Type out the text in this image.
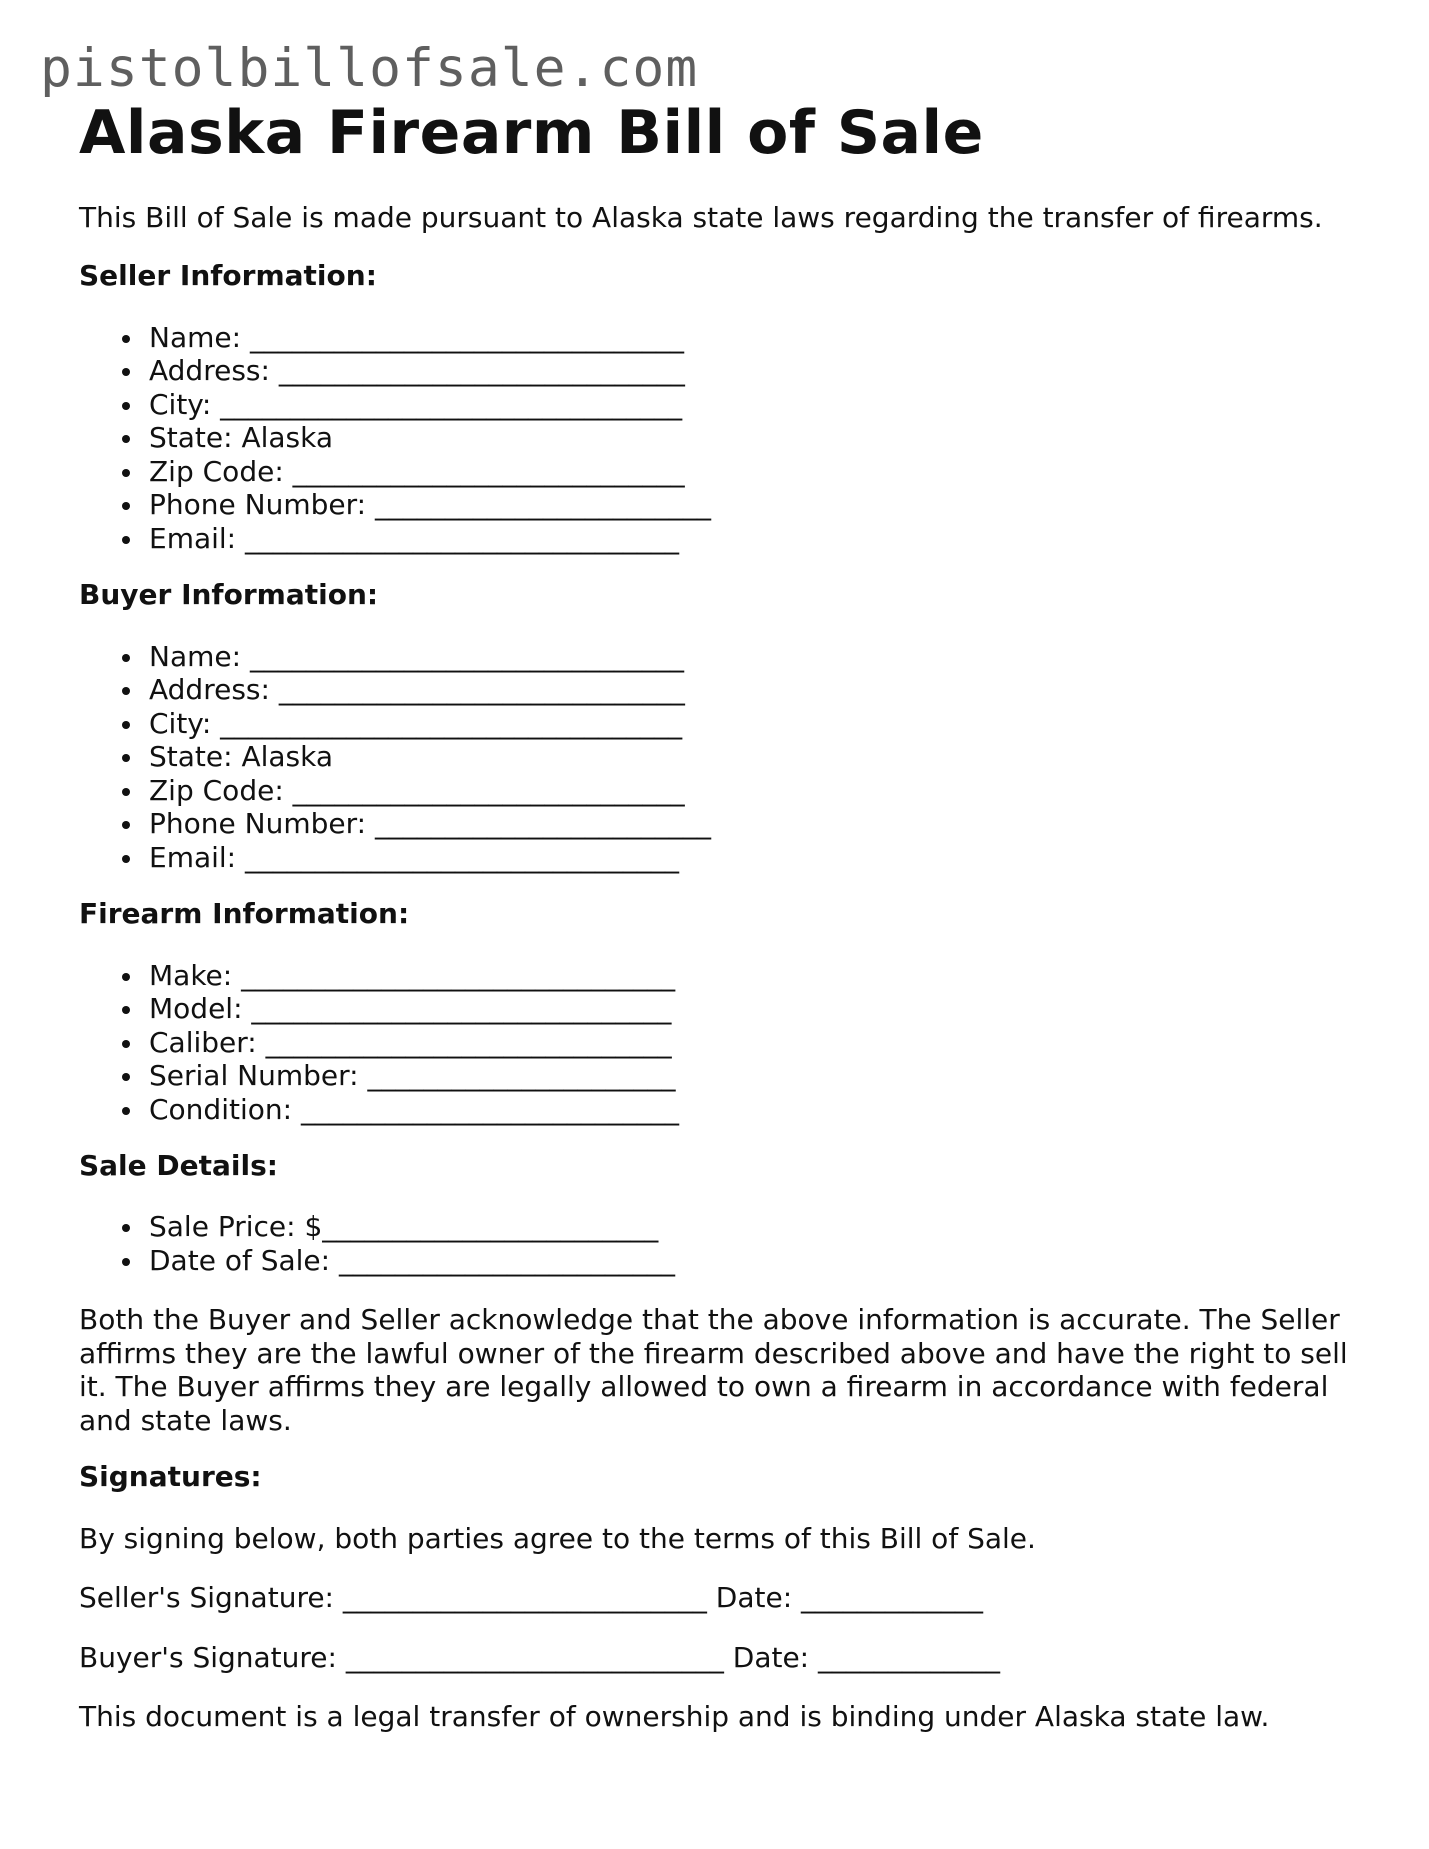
pistolbillofsale.com
Alaska Firearm Bill of Sale

This Bill of Sale is made pursuant to Alaska state laws regarding the transfer of firearms.

Seller Information:
Name: _______________________________
Address: _____________________________
City: _________________________________
State: Alaska
Zip Code: ____________________________
Phone Number: ________________________
Email: _______________________________
Buyer Information:
Name: _______________________________
Address: _____________________________
City: _________________________________
State: Alaska
Zip Code: ____________________________
Phone Number: ________________________
Email: _______________________________
Firearm Information:
Make: _______________________________
Model: ______________________________
Caliber: _____________________________
Serial Number: ______________________
Condition: ___________________________
Sale Details:
Sale Price: $________________________
Date of Sale: ________________________

Both the Buyer and Seller acknowledge that the above information is accurate. The Seller affirms they are the lawful owner of the firearm described above and have the right to sell it. The Buyer affirms they are legally allowed to own a firearm in accordance with federal and state laws.

Signatures:

By signing below, both parties agree to the terms of this Bill of Sale.

Seller's Signature: __________________________ Date: _____________

Buyer's Signature: ___________________________ Date: _____________

This document is a legal transfer of ownership and is binding under Alaska state law.
